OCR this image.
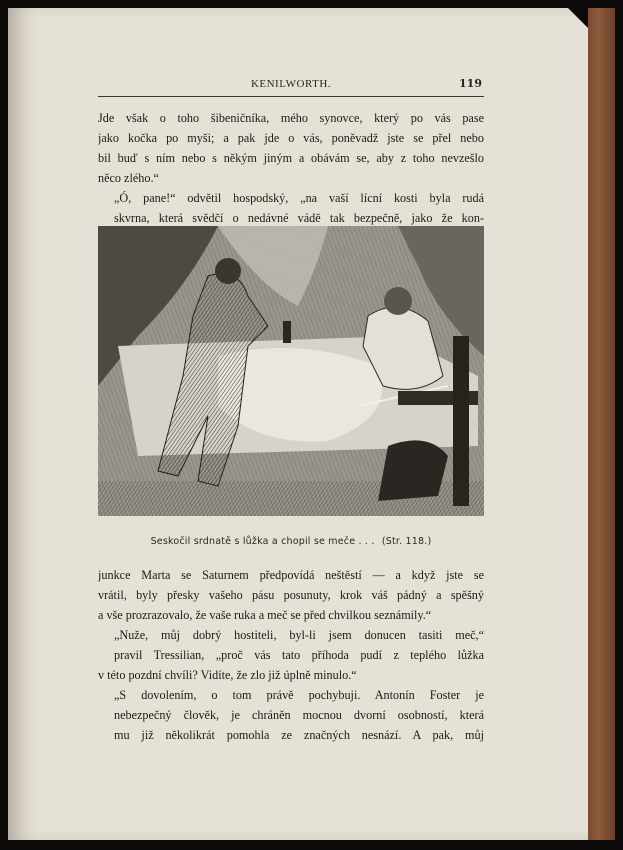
KENILWORTH.	119

Jde však o toho šibeničníka, mého synovce, který po vás pase
jako kočka po myši; a pak jde o vás, poněvadž jste se přel nebo
bil buď s ním nebo s někým jiným a obávám se, aby z toho nevzešlo

něco zlého.“

„Ó, pane!“ odvětil hospodský, „na vaší lícní kosti byla rudá
skvrna, která svědčí o nedávné vádě tak bezpečně, jako že kon-

Seskočil srdnatě s lůžka a chopil se meče . . . (Str. 118.)

junkce Marta se Saturnem předpovídá neštěstí — a když jste se
vrátil, byly přesky vašeho pásu posunuty, krok váš pádný a spěšný

a vše prozrazovalo, že vaše ruka a meč se před chvilkou seznámily.“

„Nuže, můj dobrý hostiteli, byl-li jsem donucen tasiti meč,“
pravil Tressilian, „proč vás tato příhoda pudí z teplého lůžka

v této pozdní chvíli? Vidíte, že zlo již úplně minulo.“

„S dovolením, o tom právě pochybuji. Antonín Foster je
nebezpečný člověk, je chráněn mocnou dvorní osobností, která
mu již několikrát pomohla ze značných nesnází. A pak, můj
